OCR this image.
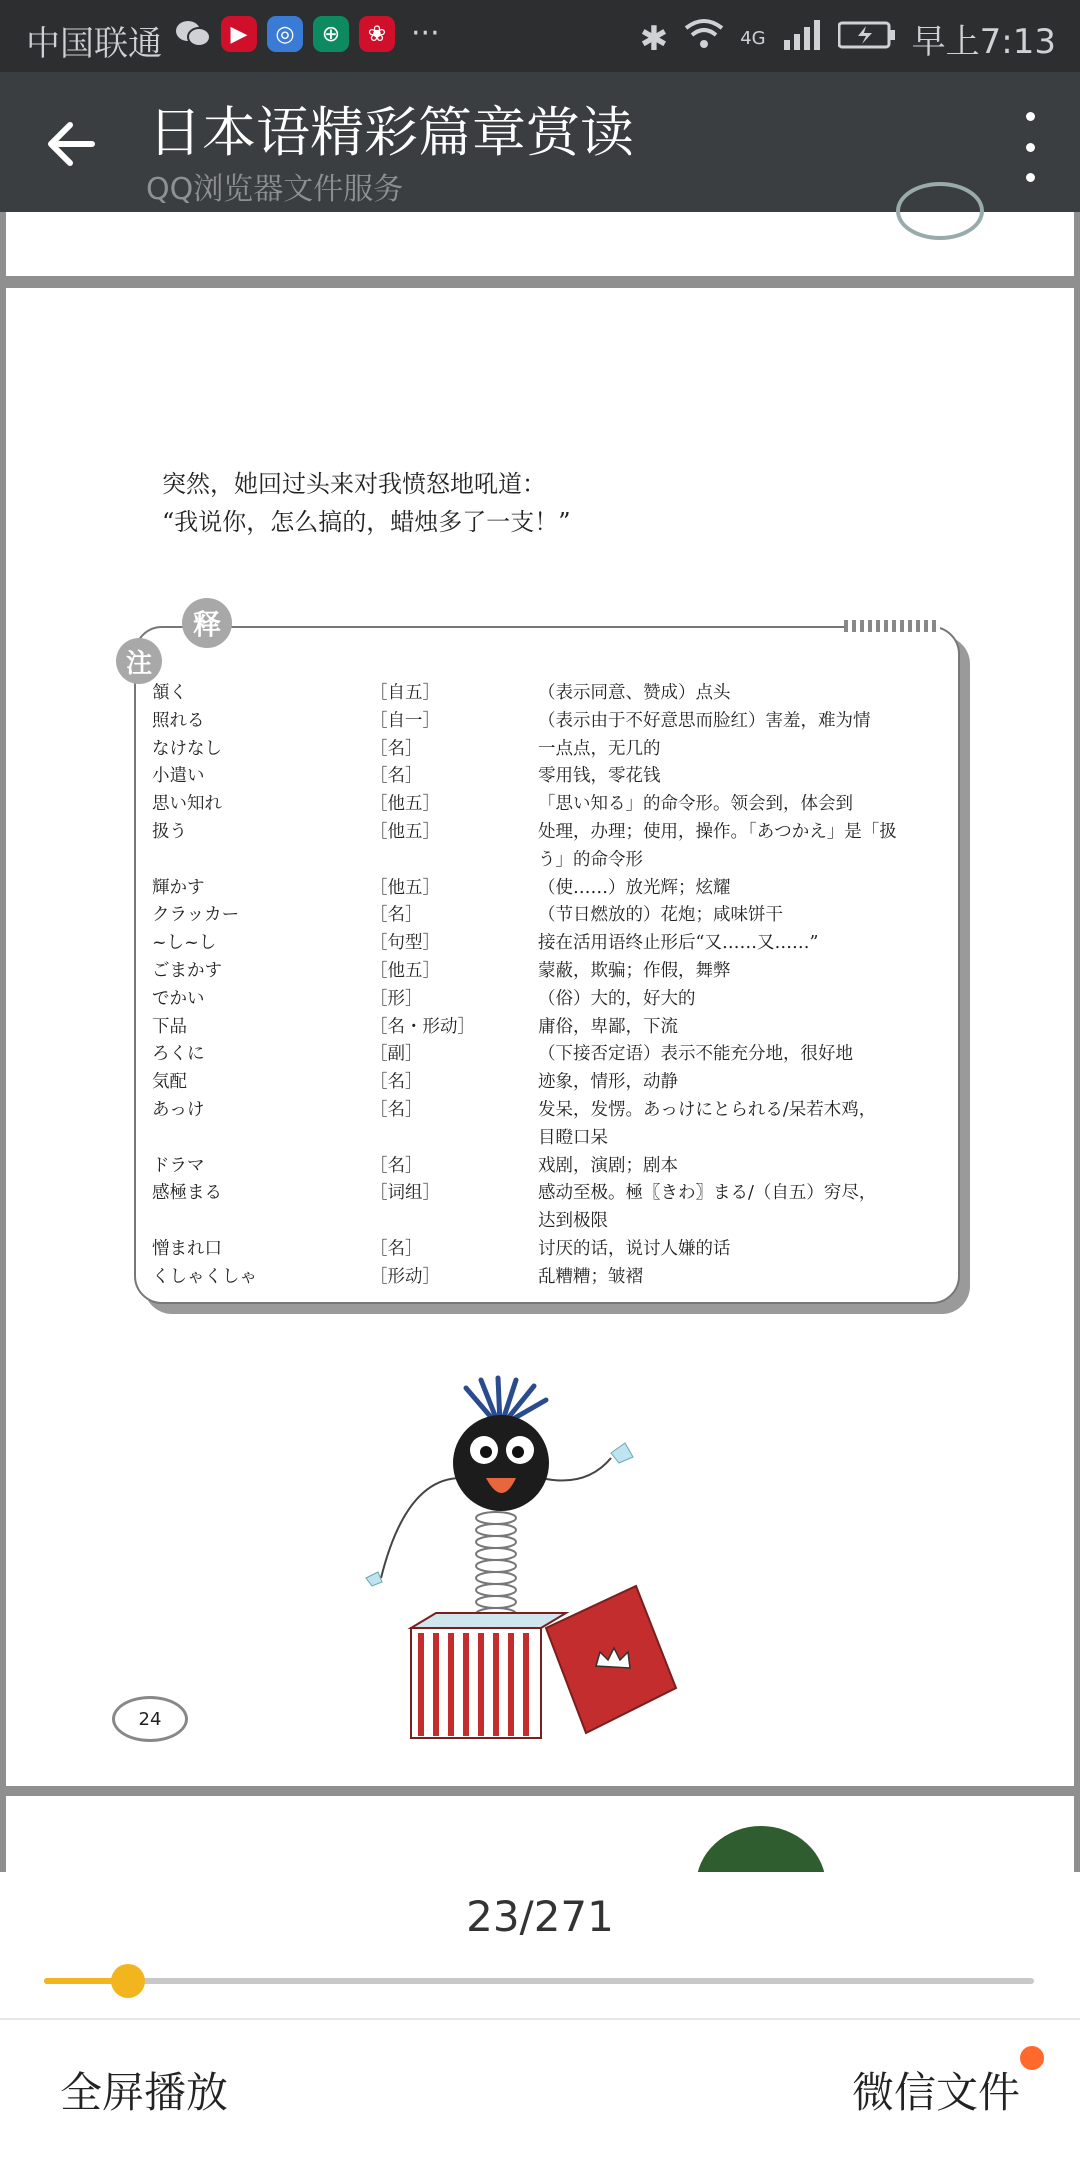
中国联通	▶	◎	⊕	❀ ···	✱	4G	早上7:13
日本语精彩篇章赏读
QQ浏览器文件服务
突然，她回过头来对我愤怒地吼道：
“我说你，怎么搞的，蜡烛多了一支！”
注
释
頷く	［自五］	（表示同意、赞成）点头
照れる	［自一］	（表示由于不好意思而脸红）害羞，难为情
なけなし	［名］	一点点，无几的
小遣い	［名］	零用钱，零花钱
思い知れ	［他五］	「思い知る」的命令形。领会到，体会到
扱う	［他五］	处理，办理；使用，操作。「あつかえ」是「扱
う」的命令形
輝かす	［他五］	（使……）放光辉；炫耀
クラッカー	［名］	（节日燃放的）花炮；咸味饼干
~し~し	［句型］	接在活用语终止形后“又……又……”
ごまかす	［他五］	蒙蔽，欺骗；作假，舞弊
でかい	［形］	（俗）大的，好大的
下品	［名・形动］	庸俗，卑鄙，下流
ろくに	［副］	（下接否定语）表示不能充分地，很好地
気配	［名］	迹象，情形，动静
あっけ	［名］	发呆，发愣。あっけにとられる/呆若木鸡，
目瞪口呆
ドラマ	［名］	戏剧，演剧；剧本
感極まる	［词组］	感动至极。極〖きわ〗まる/（自五）穷尽，
达到极限
憎まれ口	［名］	讨厌的话，说讨人嫌的话
くしゃくしゃ	［形动］	乱糟糟；皱褶
24
23/271
全屏播放	微信文件
